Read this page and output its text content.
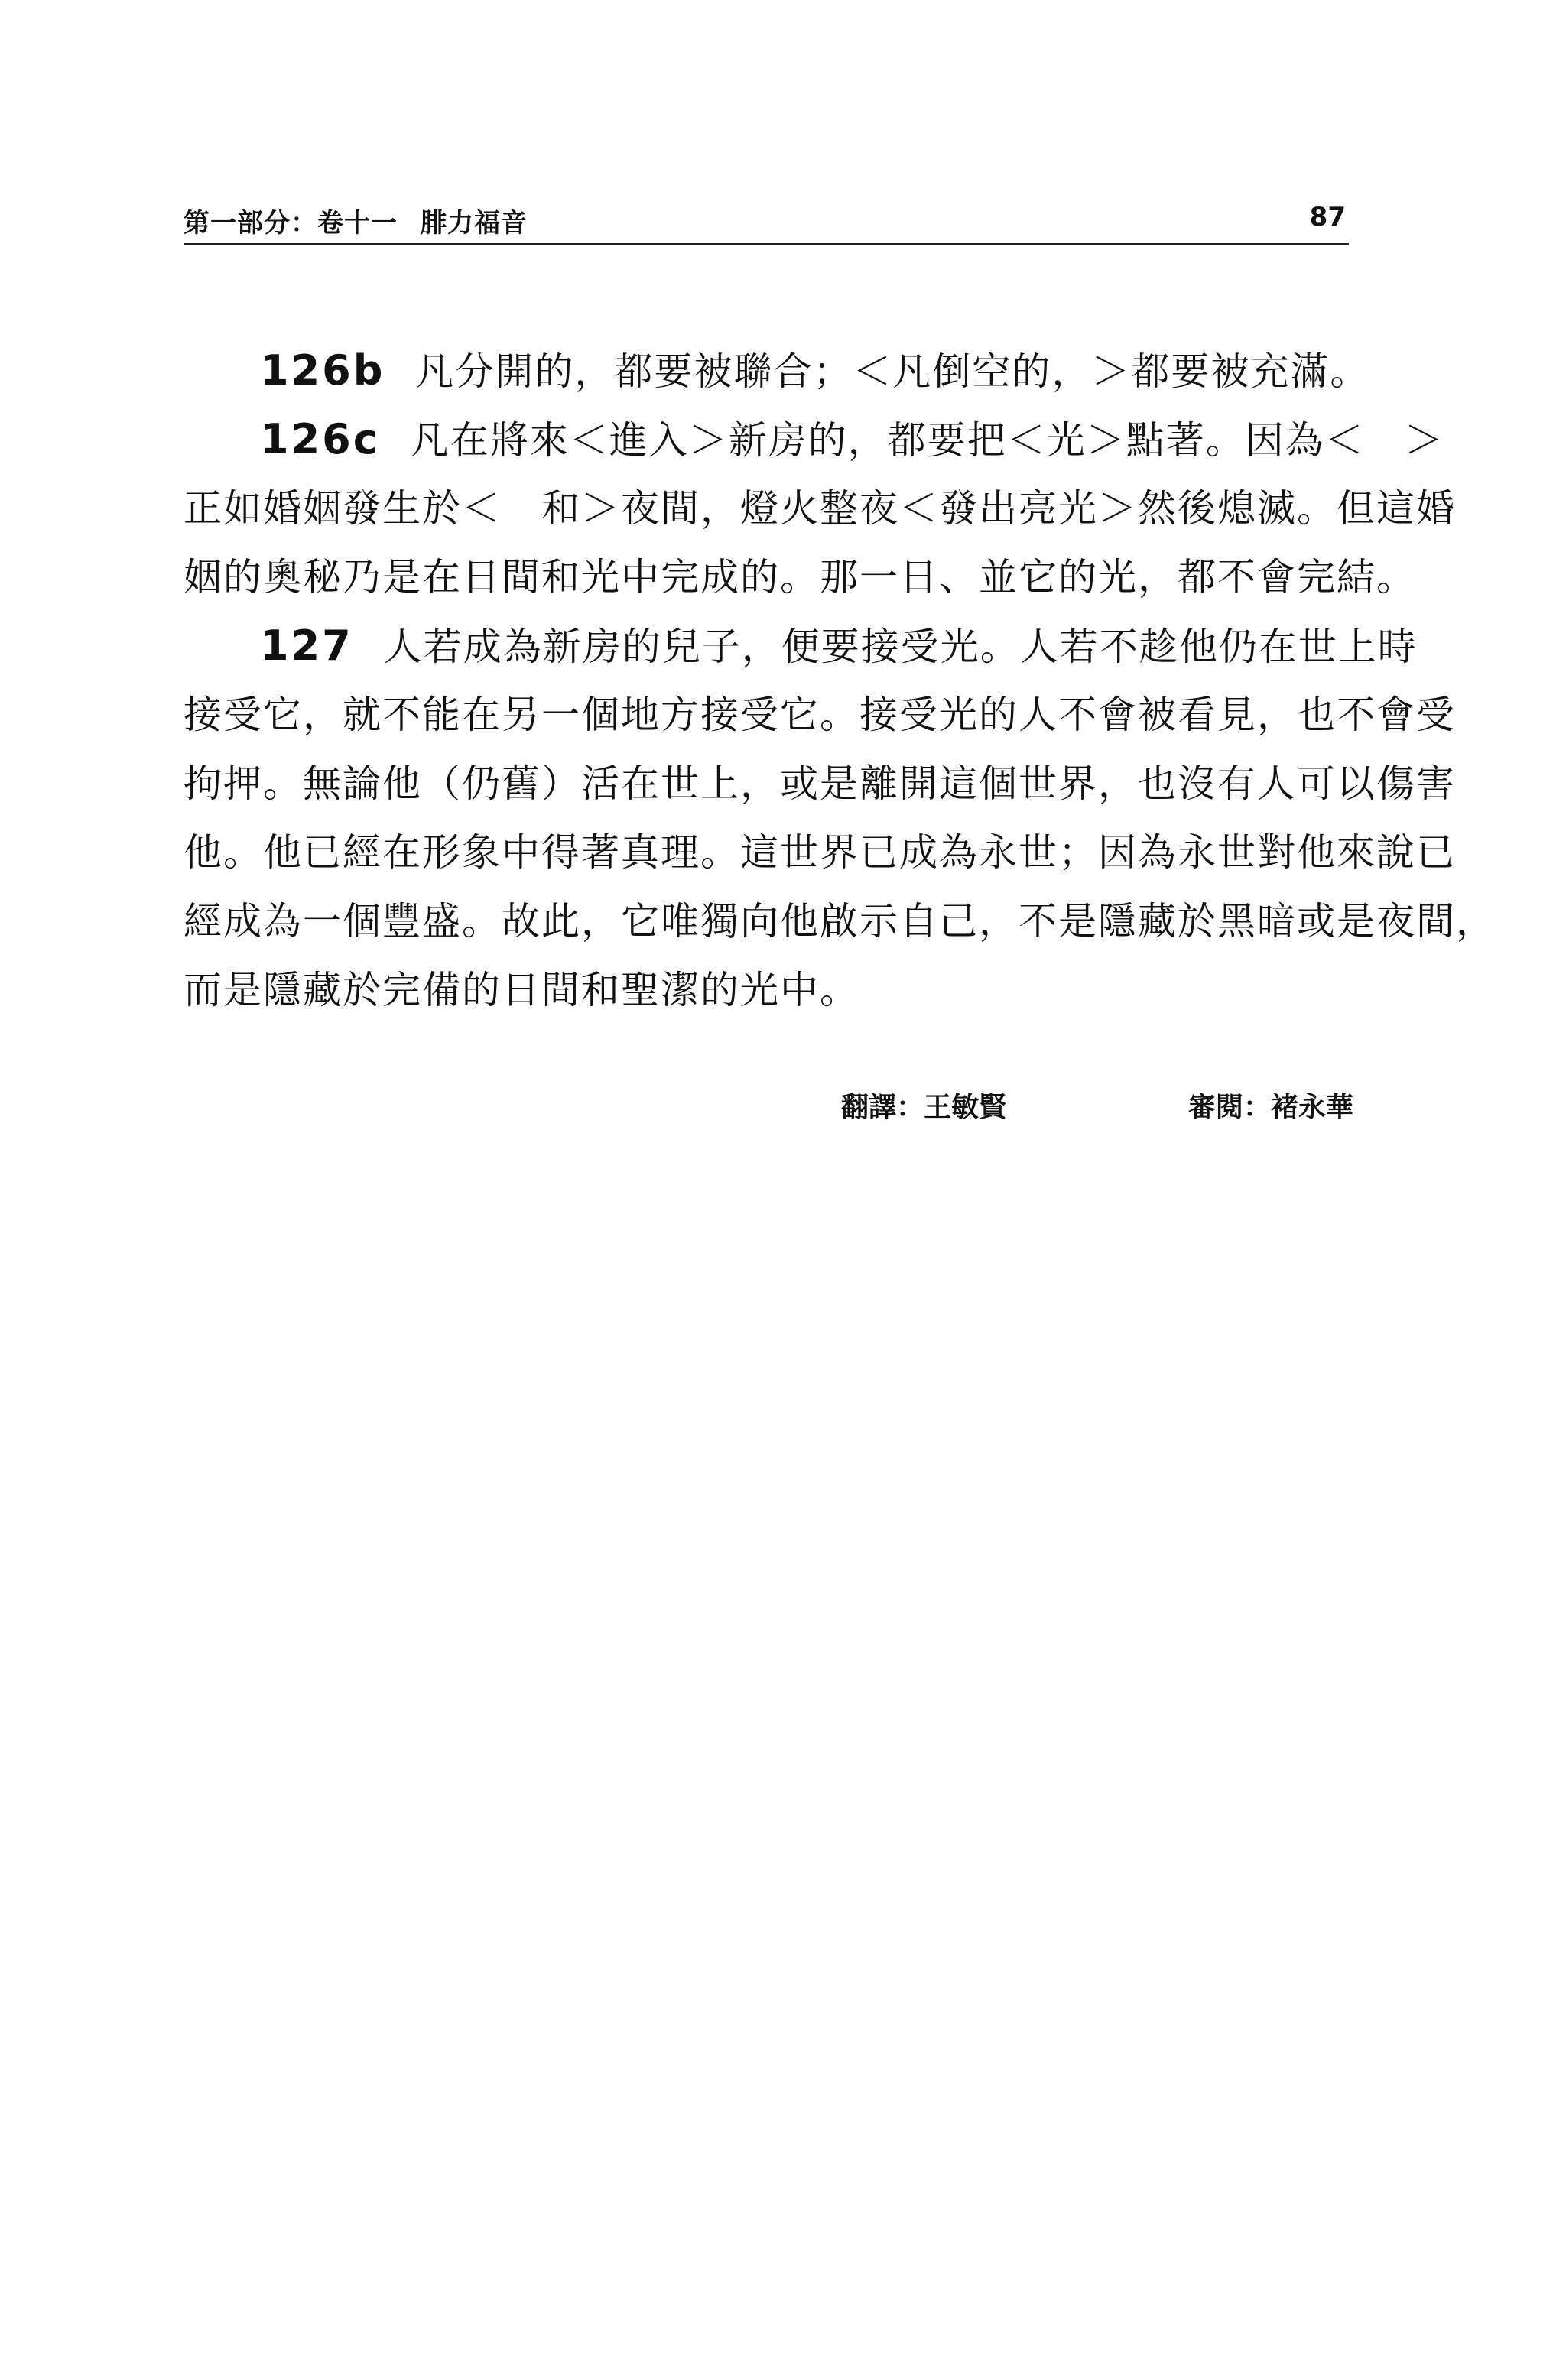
第一部分：卷十一 腓力福音	87
126b 凡分開的，都要被聯合；＜凡倒空的，＞都要被充滿。
126c 凡在將來＜進入＞新房的，都要把＜光＞點著。因為＜　＞
正如婚姻發生於＜　和＞夜間，燈火整夜＜發出亮光＞然後熄滅。但這婚
姻的奧秘乃是在日間和光中完成的。那一日、並它的光，都不會完結。
127 人若成為新房的兒子，便要接受光。人若不趁他仍在世上時
接受它，就不能在另一個地方接受它。接受光的人不會被看見，也不會受
拘押。無論他（仍舊）活在世上，或是離開這個世界，也沒有人可以傷害
他。他已經在形象中得著真理。這世界已成為永世；因為永世對他來說已
經成為一個豐盛。故此，它唯獨向他啟示自己，不是隱藏於黑暗或是夜間，
而是隱藏於完備的日間和聖潔的光中。
翻譯：王敏賢	審閱：褚永華
